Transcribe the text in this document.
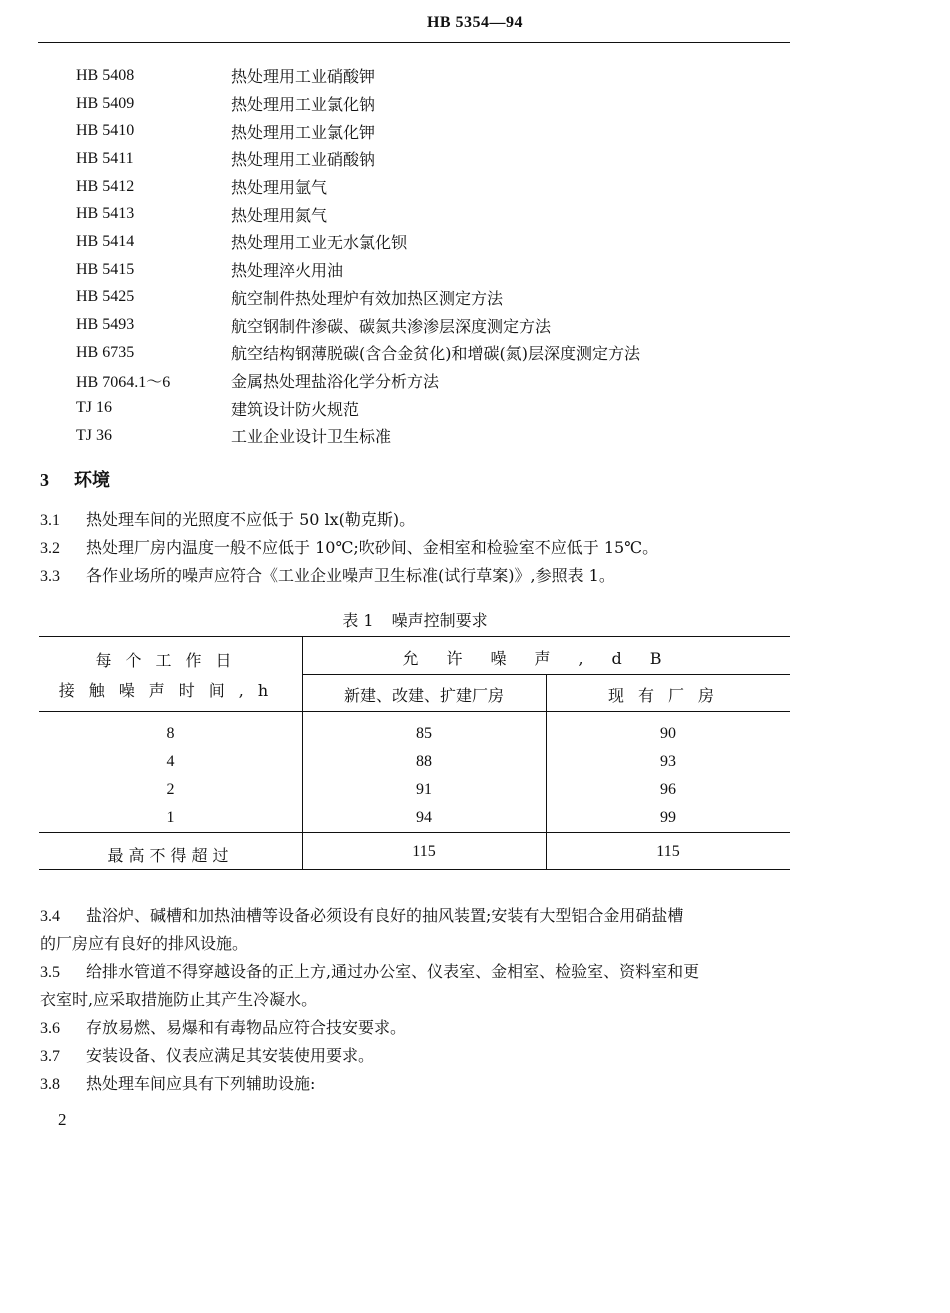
HB 5354—94
HB 5408	热处理用工业硝酸钾
HB 5409	热处理用工业氯化钠
HB 5410	热处理用工业氯化钾
HB 5411	热处理用工业硝酸钠
HB 5412	热处理用氩气
HB 5413	热处理用氮气
HB 5414	热处理用工业无水氯化钡
HB 5415	热处理淬火用油
HB 5425	航空制件热处理炉有效加热区测定方法
HB 5493	航空钢制件渗碳、碳氮共渗渗层深度测定方法
HB 6735	航空结构钢薄脱碳(含合金贫化)和增碳(氮)层深度测定方法
HB 7064.1～6	金属热处理盐浴化学分析方法
TJ 16	建筑设计防火规范
TJ 36	工业企业设计卫生标准
3 环境
3.1 热处理车间的光照度不应低于 50 lx(勒克斯)。
3.2 热处理厂房内温度一般不应低于 10℃;吹砂间、金相室和检验室不应低于 15℃。
3.3 各作业场所的噪声应符合《工业企业噪声卫生标准(试行草案)》,参照表 1。
表 1 噪声控制要求
每个工作日
接触噪声时间,h
允许噪声,dB
新建、改建、扩建厂房	现有厂房
8	85	90
4	88	93
2	91	96
1	94	99
最高不得超过	115	115
3.4 盐浴炉、碱槽和加热油槽等设备必须设有良好的抽风装置;安装有大型铝合金用硝盐槽
的厂房应有良好的排风设施。
3.5 给排水管道不得穿越设备的正上方,通过办公室、仪表室、金相室、检验室、资料室和更
衣室时,应采取措施防止其产生冷凝水。
3.6 存放易燃、易爆和有毒物品应符合技安要求。
3.7 安装设备、仪表应满足其安装使用要求。
3.8 热处理车间应具有下列辅助设施:
2
